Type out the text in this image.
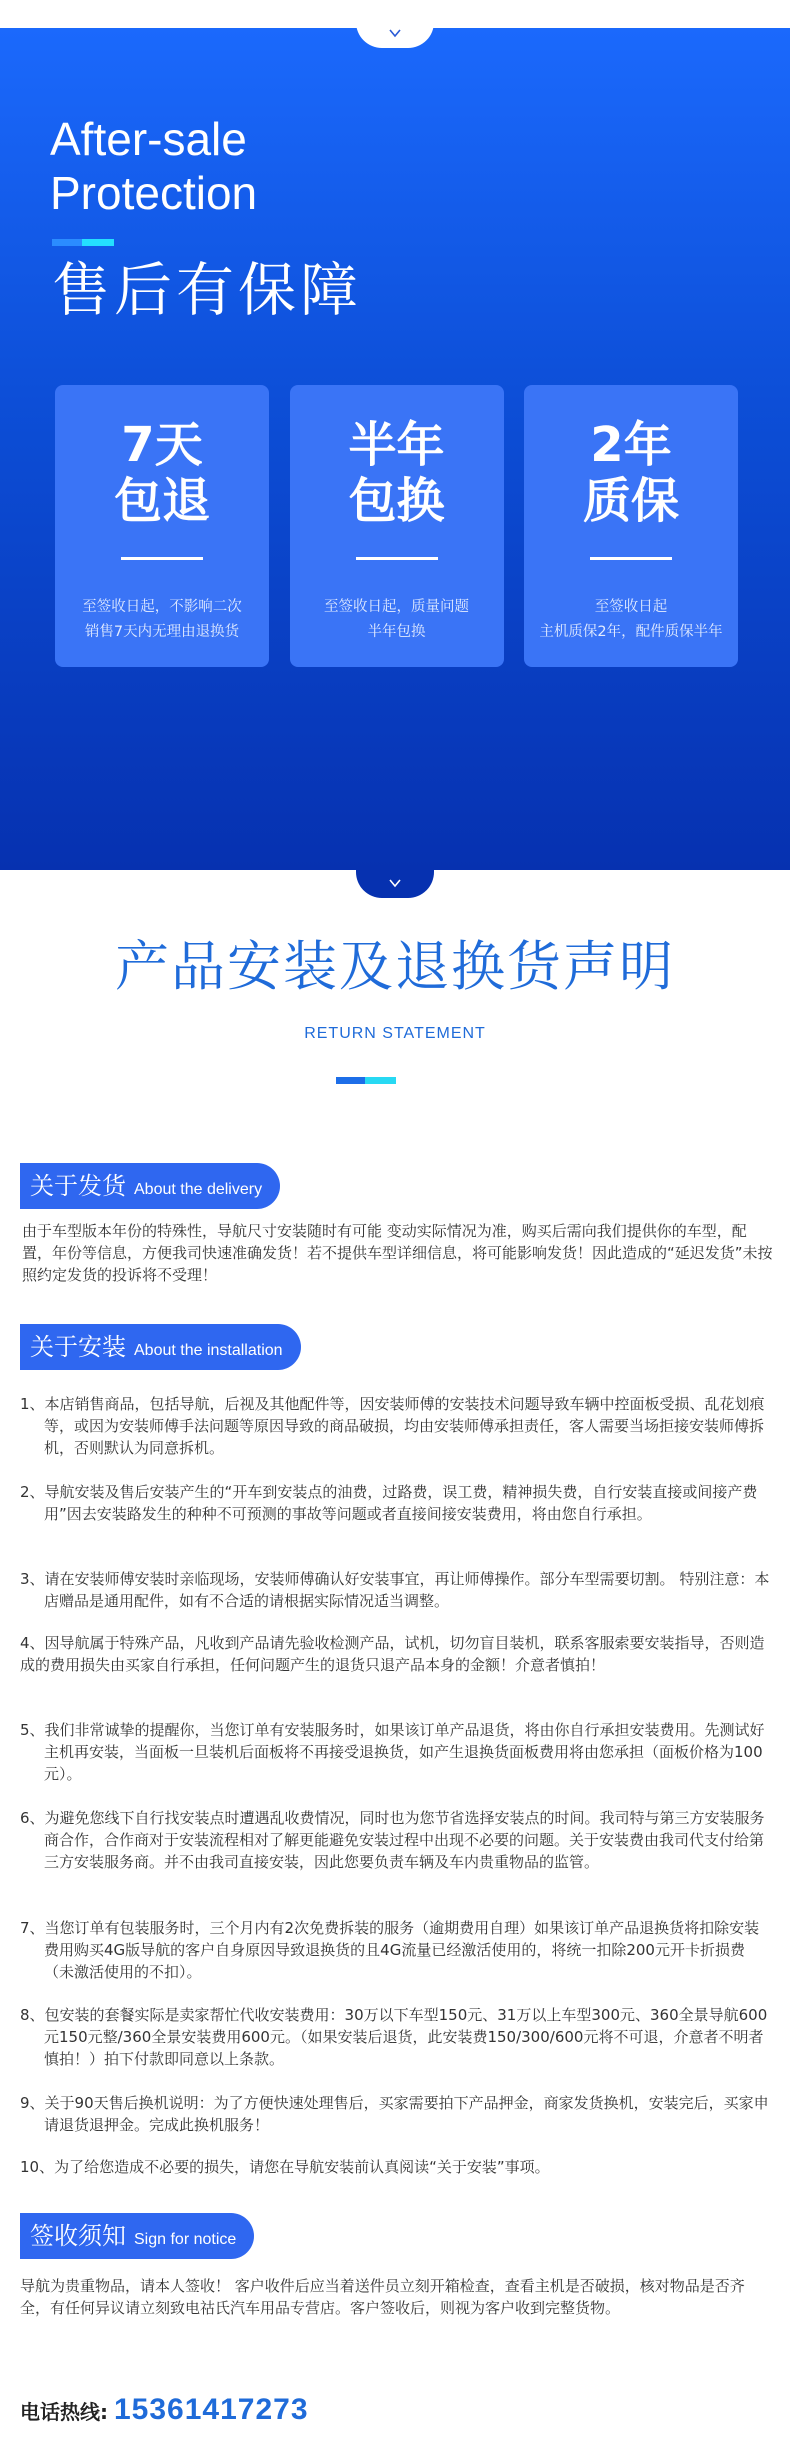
After-sale
Protection
售后有保障
7天
包退
至签收日起，不影响二次
销售7天内无理由退换货
半年
包换
至签收日起，质量问题
半年包换
2年
质保
至签收日起
主机质保2年，配件质保半年
产品安装及退换货声明
RETURN STATEMENT
关于发货 About the delivery
由于车型版本年份的特殊性，导航尺寸安装随时有可能 变动实际情况为准，购买后需向我们提供你的车型，配置，年份等信息，方便我司快速准确发货！若不提供车型详细信息，将可能影响发货！因此造成的“延迟发货”未按照约定发货的投诉将不受理！
关于安装 About the installation
1、本店销售商品，包括导航，后视及其他配件等，因安装师傅的安装技术问题导致车辆中控面板受损、乱花划痕等，或因为安装师傅手法问题等原因导致的商品破损，均由安装师傅承担责任，客人需要当场拒接安装师傅拆机，否则默认为同意拆机。
2、导航安装及售后安装产生的“开车到安装点的油费，过路费，误工费，精神损失费，自行安装直接或间接产费用”因去安装路发生的种种不可预测的事故等问题或者直接间接安装费用，将由您自行承担。
3、请在安装师傅安装时亲临现场，安装师傅确认好安装事宜，再让师傅操作。部分车型需要切割。 特别注意：本店赠品是通用配件，如有不合适的请根据实际情况适当调整。
4、因导航属于特殊产品，凡收到产品请先验收检测产品，试机，切勿盲目装机，联系客服索要安装指导，否则造成的费用损失由买家自行承担，任何问题产生的退货只退产品本身的金额！介意者慎拍！
5、我们非常诚挚的提醒你，当您订单有安装服务时，如果该订单产品退货，将由你自行承担安装费用。先测试好主机再安装，当面板一旦装机后面板将不再接受退换货，如产生退换货面板费用将由您承担（面板价格为100元）。
6、为避免您线下自行找安装点时遭遇乱收费情况，同时也为您节省选择安装点的时间。我司特与第三方安装服务商合作，合作商对于安装流程相对了解更能避免安装过程中出现不必要的问题。关于安装费由我司代支付给第三方安装服务商。并不由我司直接安装，因此您要负责车辆及车内贵重物品的监管。
7、当您订单有包装服务时，三个月内有2次免费拆装的服务（逾期费用自理）如果该订单产品退换货将扣除安装费用购买4G版导航的客户自身原因导致退换货的且4G流量已经激活使用的，将统一扣除200元开卡折损费（未激活使用的不扣）。
8、包安装的套餐实际是卖家帮忙代收安装费用：30万以下车型150元、31万以上车型300元、360全景导航600元150元整/360全景安装费用600元。（如果安装后退货，此安装费150/300/600元将不可退，介意者不明者慎拍！）拍下付款即同意以上条款。
9、关于90天售后换机说明：为了方便快速处理售后，买家需要拍下产品押金，商家发货换机，安装完后，买家申请退货退押金。完成此换机服务！
10、为了给您造成不必要的损失，请您在导航安装前认真阅读“关于安装”事项。
签收须知 Sign for notice
导航为贵重物品，请本人签收！ 客户收件后应当着送件员立刻开箱检查，查看主机是否破损，核对物品是否齐全，有任何异议请立刻致电祜氏汽车用品专营店。客户签收后，则视为客户收到完整货物。
电话热线: 15361417273
